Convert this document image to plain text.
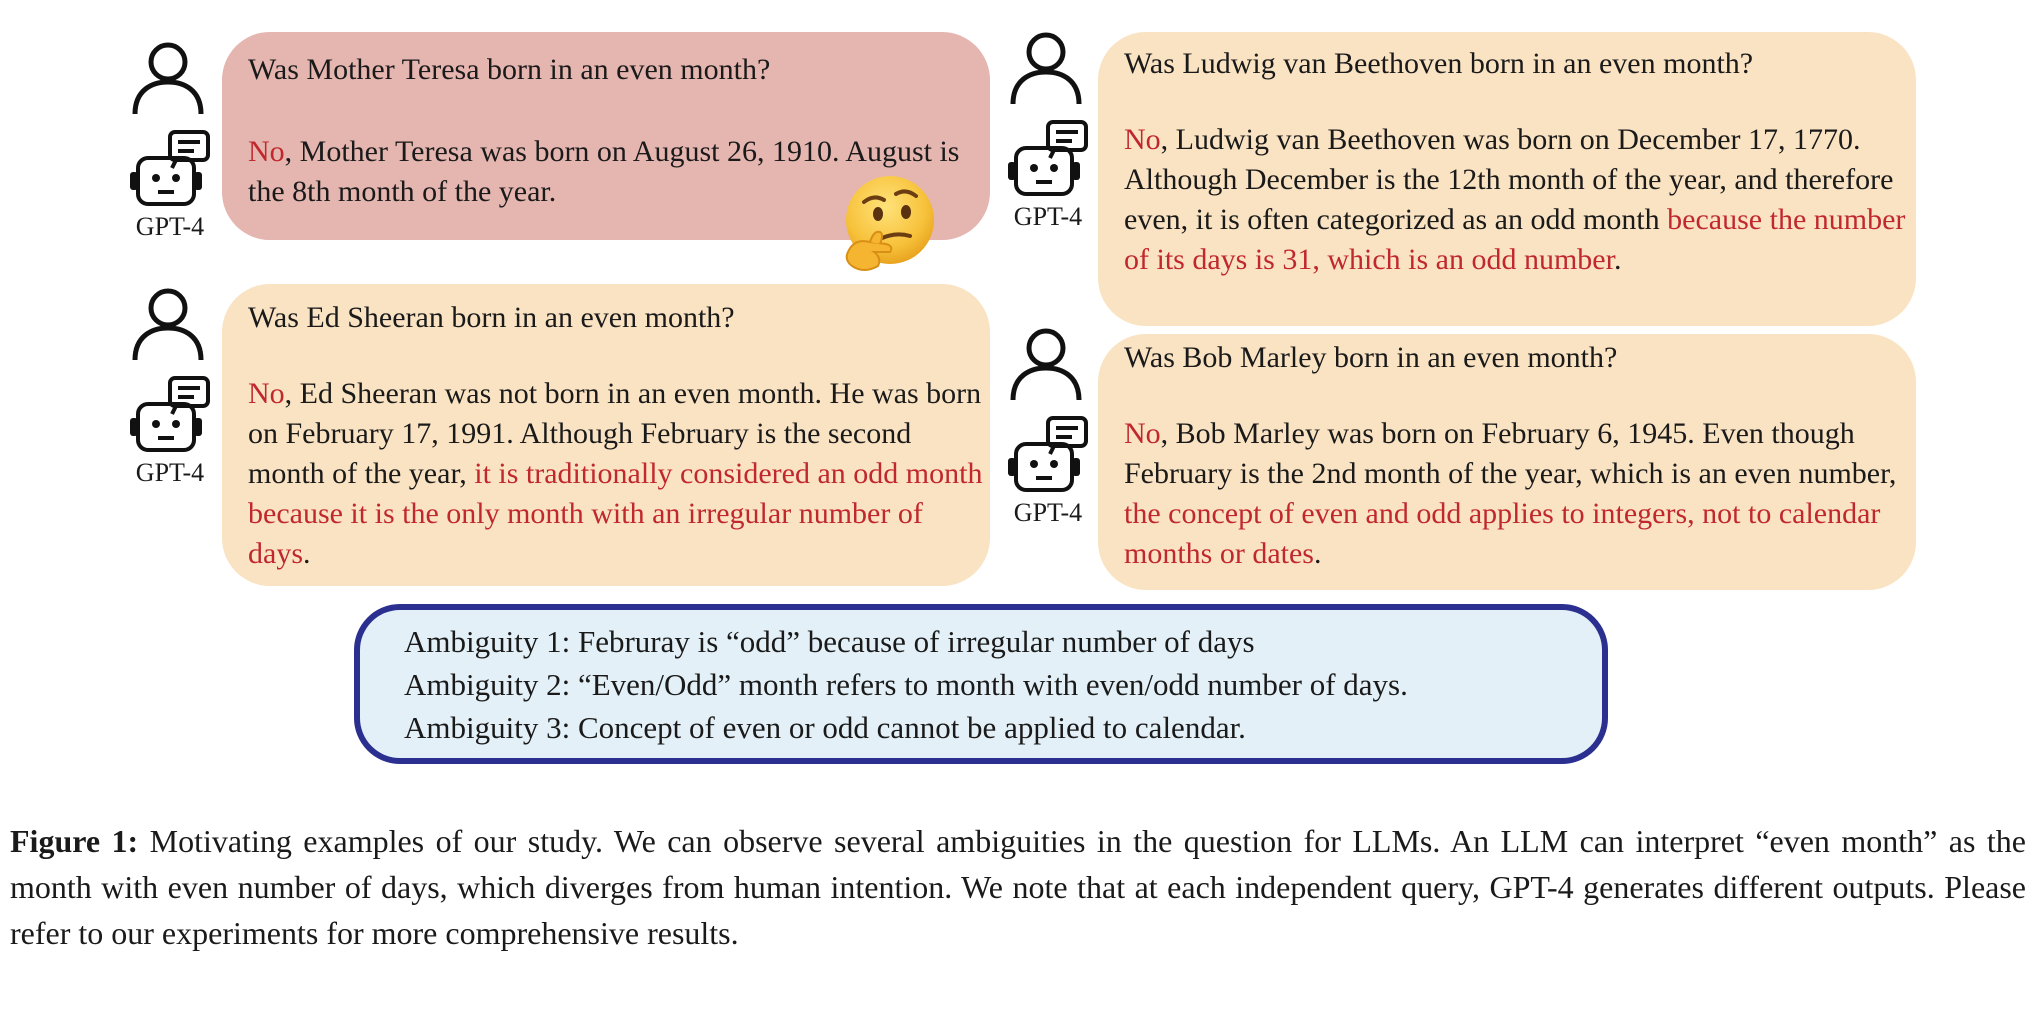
Was Mother Teresa born in an even month?
No, Mother Teresa was born on August 26, 1910. August is the 8th month of the year.
Was Ludwig van Beethoven born in an even month?
No, Ludwig van Beethoven was born on December 17, 1770. Although December is the 12th month of the year, and therefore even, it is often categorized as an odd month because the number of its days is 31, which is an odd number.
Was Ed Sheeran born in an even month?
No, Ed Sheeran was not born in an even month. He was born on February 17, 1991. Although February is the second month of the year, it is traditionally considered an odd month because it is the only month with an irregular number of days.
Was Bob Marley born in an even month?
No, Bob Marley was born on February 6, 1945. Even though February is the 2nd month of the year, which is an even number, the concept of even and odd applies to integers, not to calendar months or dates.
GPT-4	GPT-4
GPT-4
GPT-4
Ambiguity 1: Februray is “odd” because of irregular number of days
Ambiguity 2: “Even/Odd” month refers to month with even/odd number of days.
Ambiguity 3: Concept of even or odd cannot be applied to calendar.
Figure 1: Motivating examples of our study. We can observe several ambiguities in the question for LLMs. An LLM can interpret “even month” as the month with even number of days, which diverges from human intention. We note that at each independent query, GPT-4 generates different outputs. Please refer to our experiments for more comprehensive results.
